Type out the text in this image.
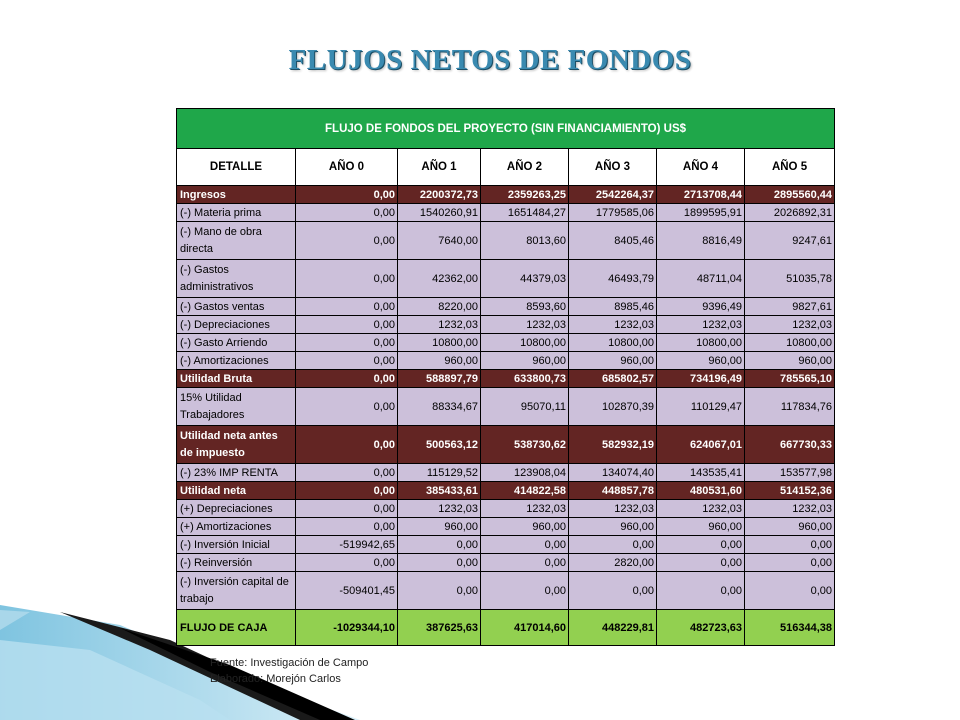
FLUJOS NETOS DE FONDOS
FLUJO DE FONDOS DEL PROYECTO (SIN FINANCIAMIENTO) US$						
DETALLE	AÑO 0	AÑO 1	AÑO 2	AÑO 3	AÑO 4	AÑO 5
Ingresos	0,00	2200372,73	2359263,25	2542264,37	2713708,44	2895560,44
(-) Materia prima	0,00	1540260,91	1651484,27	1779585,06	1899595,91	2026892,31
(-) Mano de obra directa	0,00	7640,00	8013,60	8405,46	8816,49	9247,61
(-) Gastos administrativos	0,00	42362,00	44379,03	46493,79	48711,04	51035,78
(-) Gastos ventas	0,00	8220,00	8593,60	8985,46	9396,49	9827,61
(-) Depreciaciones	0,00	1232,03	1232,03	1232,03	1232,03	1232,03
(-) Gasto Arriendo	0,00	10800,00	10800,00	10800,00	10800,00	10800,00
(-) Amortizaciones	0,00	960,00	960,00	960,00	960,00	960,00
Utilidad Bruta	0,00	588897,79	633800,73	685802,57	734196,49	785565,10
15% Utilidad Trabajadores	0,00	88334,67	95070,11	102870,39	110129,47	117834,76
Utilidad neta antes de impuesto	0,00	500563,12	538730,62	582932,19	624067,01	667730,33
(-) 23% IMP RENTA	0,00	115129,52	123908,04	134074,40	143535,41	153577,98
Utilidad neta	0,00	385433,61	414822,58	448857,78	480531,60	514152,36
(+) Depreciaciones	0,00	1232,03	1232,03	1232,03	1232,03	1232,03
(+) Amortizaciones	0,00	960,00	960,00	960,00	960,00	960,00
(-) Inversión Inicial	-519942,65	0,00	0,00	0,00	0,00	0,00
(-) Reinversión	0,00	0,00	0,00	2820,00	0,00	0,00
(-) Inversión capital de trabajo	-509401,45	0,00	0,00	0,00	0,00	0,00
FLUJO DE CAJA	-1029344,10	387625,63	417014,60	448229,81	482723,63	516344,38
Fuente: Investigación de Campo
Elaborado: Morejón Carlos
